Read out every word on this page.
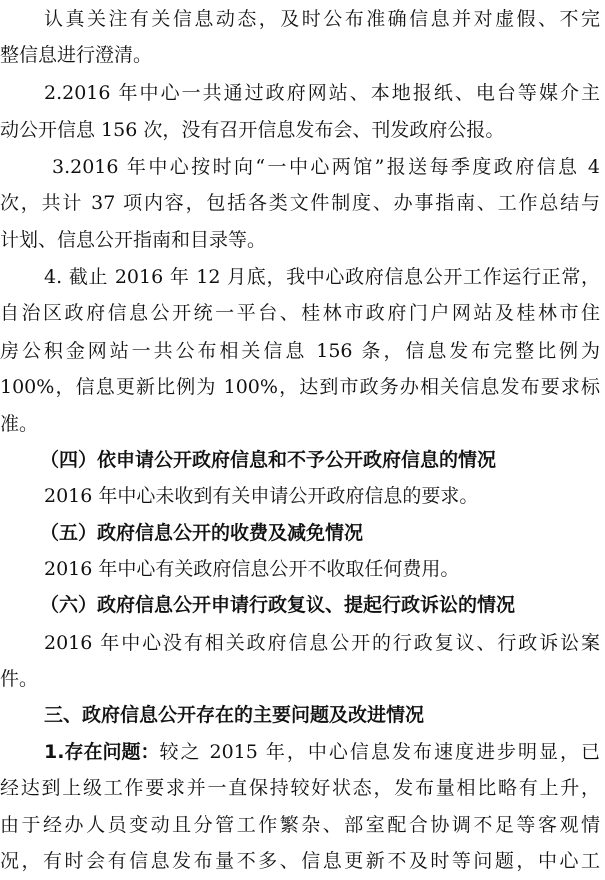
认真关注有关信息动态，及时公布准确信息并对虚假、不完
整信息进行澄清。
2.2016 年中心一共通过政府网站、本地报纸、电台等媒介主
动公开信息 156 次，没有召开信息发布会、刊发政府公报。
3.2016 年中心按时向“一中心两馆”报送每季度政府信息 4
次，共计 37 项内容，包括各类文件制度、办事指南、工作总结与
计划、信息公开指南和目录等。
4. 截止 2016 年 12 月底，我中心政府信息公开工作运行正常，
自治区政府信息公开统一平台、桂林市政府门户网站及桂林市住
房公积金网站一共公布相关信息 156 条，信息发布完整比例为
100%，信息更新比例为 100%，达到市政务办相关信息发布要求标
准。
（四）依申请公开政府信息和不予公开政府信息的情况
2016 年中心未收到有关申请公开政府信息的要求。
（五）政府信息公开的收费及减免情况
2016 年中心有关政府信息公开不收取任何费用。
（六）政府信息公开申请行政复议、提起行政诉讼的情况
2016 年中心没有相关政府信息公开的行政复议、行政诉讼案
件。
三、政府信息公开存在的主要问题及改进情况
1.存在问题： 较之 2015 年，中心信息发布速度进步明显，已
经达到上级工作要求并一直保持较好状态，发布量相比略有上升，
由于经办人员变动且分管工作繁杂、部室配合协调不足等客观情
况，有时会有信息发布量不多、信息更新不及时等问题，中心工
